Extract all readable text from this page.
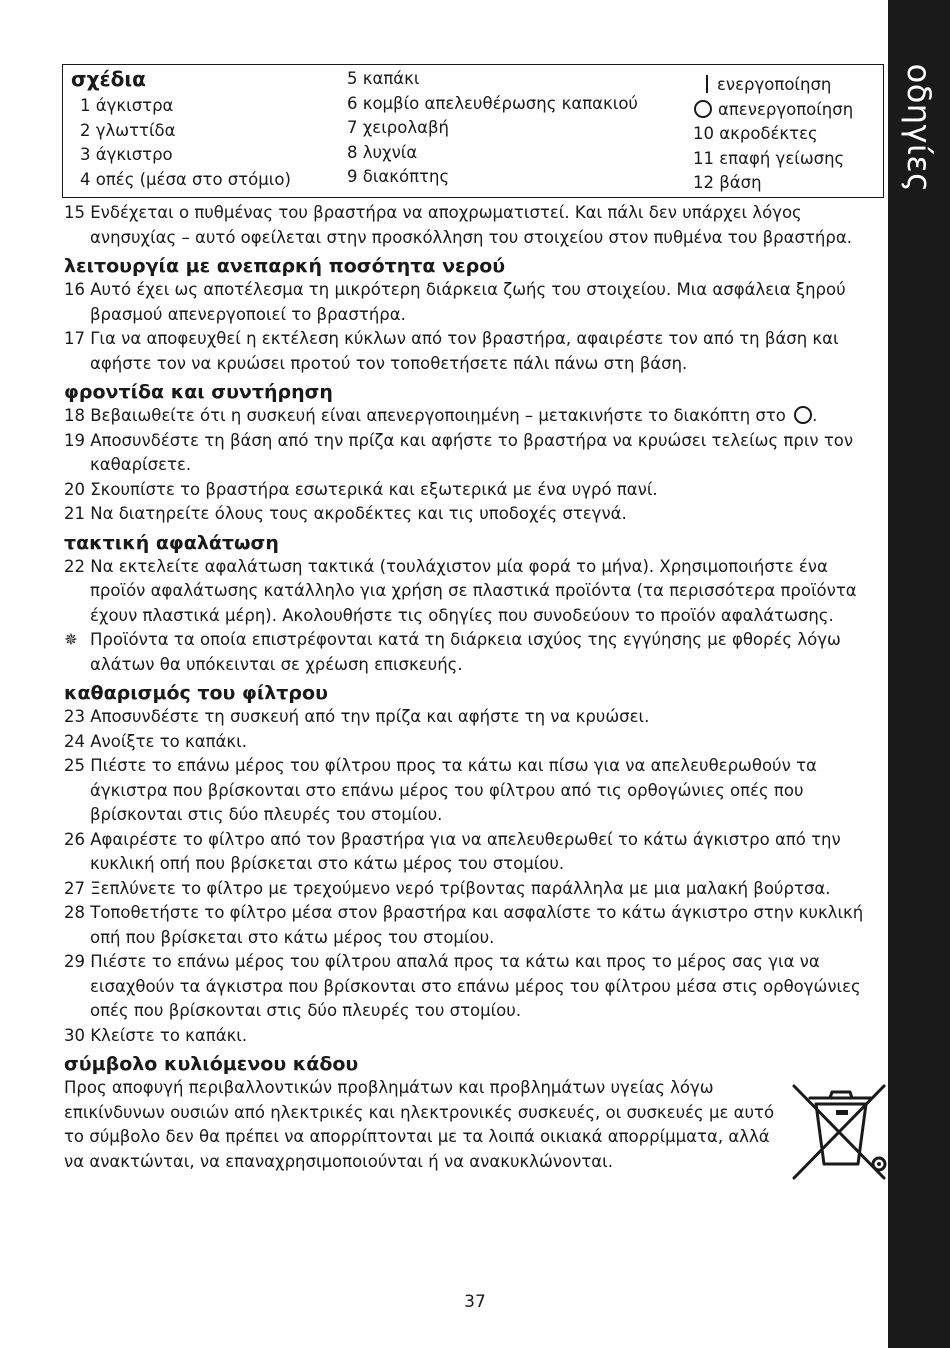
οδηγίες
σχέδια
1 άγκιστρα
2 γλωττίδα
3 άγκιστρο
4 οπές (μέσα στο στόμιο)
5 καπάκι
6 κομβίο απελευθέρωσης καπακιού
7 χειρολαβή
8 λυχνία
9 διακόπτης
ενεργοποίηση
απενεργοποίηση
10 ακροδέκτες
11 επαφή γείωσης
12 βάση
15 Ενδέχεται ο πυθμένας του βραστήρα να αποχρωματιστεί. Και πάλι δεν υπάρχει λόγος ανησυχίας – αυτό οφείλεται στην προσκόλληση του στοιχείου στον πυθμένα του βραστήρα.
λειτουργία με ανεπαρκή ποσότητα νερού
16 Αυτό έχει ως αποτέλεσμα τη μικρότερη διάρκεια ζωής του στοιχείου. Μια ασφάλεια ξηρού βρασμού απενεργοποιεί το βραστήρα.
17 Για να αποφευχθεί η εκτέλεση κύκλων από τον βραστήρα, αφαιρέστε τον από τη βάση και αφήστε τον να κρυώσει προτού τον τοποθετήσετε πάλι πάνω στη βάση.
φροντίδα και συντήρηση
18 Βεβαιωθείτε ότι η συσκευή είναι απενεργοποιημένη – μετακινήστε το διακόπτη στο .
19 Αποσυνδέστε τη βάση από την πρίζα και αφήστε το βραστήρα να κρυώσει τελείως πριν τον καθαρίσετε.
20 Σκουπίστε το βραστήρα εσωτερικά και εξωτερικά με ένα υγρό πανί.
21 Να διατηρείτε όλους τους ακροδέκτες και τις υποδοχές στεγνά.
τακτική αφαλάτωση
22 Να εκτελείτε αφαλάτωση τακτικά (τουλάχιστον μία φορά το μήνα). Χρησιμοποιήστε ένα προϊόν αφαλάτωσης κατάλληλο για χρήση σε πλαστικά προϊόντα (τα περισσότερα προϊόντα έχουν πλαστικά μέρη). Ακολουθήστε τις οδηγίες που συνοδεύουν το προϊόν αφαλάτωσης.
✵ Προϊόντα τα οποία επιστρέφονται κατά τη διάρκεια ισχύος της εγγύησης με φθορές λόγω αλάτων θα υπόκεινται σε χρέωση επισκευής.
καθαρισμός του φίλτρου
23 Αποσυνδέστε τη συσκευή από την πρίζα και αφήστε τη να κρυώσει.
24 Ανοίξτε το καπάκι.
25 Πιέστε το επάνω μέρος του φίλτρου προς τα κάτω και πίσω για να απελευθερωθούν τα άγκιστρα που βρίσκονται στο επάνω μέρος του φίλτρου από τις ορθογώνιες οπές που βρίσκονται στις δύο πλευρές του στομίου.
26 Αφαιρέστε το φίλτρο από τον βραστήρα για να απελευθερωθεί το κάτω άγκιστρο από την κυκλική οπή που βρίσκεται στο κάτω μέρος του στομίου.
27 Ξεπλύνετε το φίλτρο με τρεχούμενο νερό τρίβοντας παράλληλα με μια μαλακή βούρτσα.
28 Τοποθετήστε το φίλτρο μέσα στον βραστήρα και ασφαλίστε το κάτω άγκιστρο στην κυκλική οπή που βρίσκεται στο κάτω μέρος του στομίου.
29 Πιέστε το επάνω μέρος του φίλτρου απαλά προς τα κάτω και προς το μέρος σας για να εισαχθούν τα άγκιστρα που βρίσκονται στο επάνω μέρος του φίλτρου μέσα στις ορθογώνιες οπές που βρίσκονται στις δύο πλευρές του στομίου.
30 Κλείστε το καπάκι.
σύμβολο κυλιόμενου κάδου
Προς αποφυγή περιβαλλοντικών προβλημάτων και προβλημάτων υγείας λόγω επικίνδυνων ουσιών από ηλεκτρικές και ηλεκτρονικές συσκευές, οι συσκευές με αυτό το σύμβολο δεν θα πρέπει να απορρίπτονται με τα λοιπά οικιακά απορρίμματα, αλλά να ανακτώνται, να επαναχρησιμοποιούνται ή να ανακυκλώνονται.
37
